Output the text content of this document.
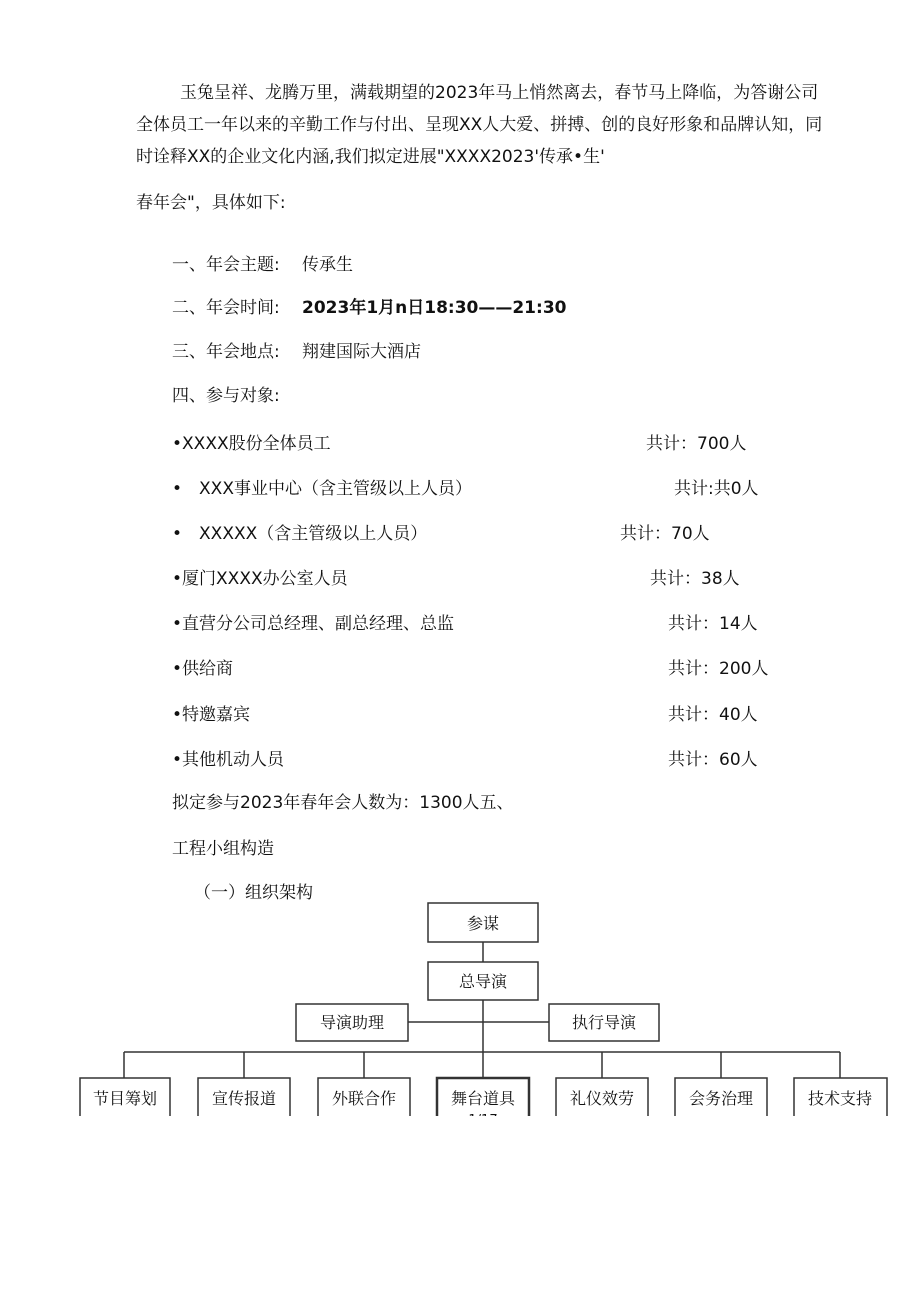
玉兔呈祥、龙腾万里，满载期望的2023年马上悄然离去，春节马上降临，为答谢公司
全体员工一年以来的辛勤工作与付出、呈现XX人大爱、拼搏、创的良好形象和品牌认知，同
时诠释XX的企业文化内涵,我们拟定进展"XXXX2023'传承•生'
春年会"，具体如下:
一、年会主题: 传承生
二、年会时间: 2023年1月n日18:30——21:30
三、年会地点: 翔建国际大酒店
四、参与对象:
•XXXX股份全体员工	共计：700人
•　XXX事业中心（含主管级以上人员）	共计:共0人
•　XXXXX（含主管级以上人员）	共计：70人
•厦门XXXX办公室人员	共计：38人
•直营分公司总经理、副总经理、总监	共计：14人
•供给商	共计：200人
•特邀嘉宾	共计：40人
•其他机动人员	共计：60人
拟定参与2023年春年会人数为：1300人五、
工程小组构造
（一）组织架构
参谋
总导演
导演助理	执行导演
节目筹划	宣传报道	外联合作	舞台道具	礼仪效劳	会务治理	技术支持
